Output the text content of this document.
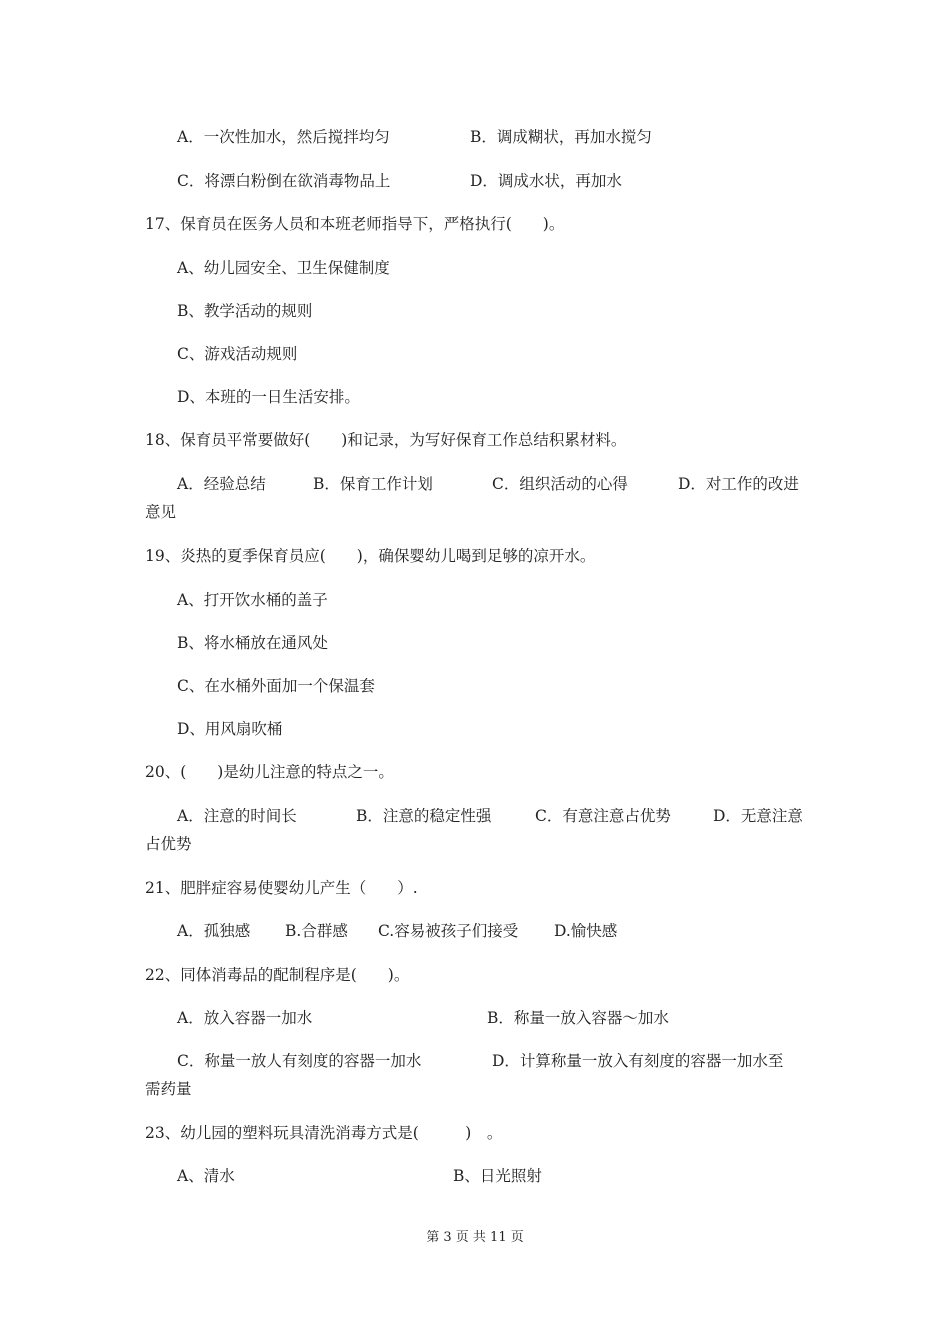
A．一次性加水，然后搅拌均匀	B．调成糊状，再加水搅匀
C．将漂白粉倒在欲消毒物品上	D．调成水状，再加水
17、保育员在医务人员和本班老师指导下，严格执行(　　)。
A、幼儿园安全、卫生保健制度
B、教学活动的规则
C、游戏活动规则
D、本班的一日生活安排。
18、保育员平常要做好(　　)和记录，为写好保育工作总结积累材料。
A．经验总结	B．保育工作计划	C．组织活动的心得	D．对工作的改进
意见
19、炎热的夏季保育员应(　　)，确保婴幼儿喝到足够的凉开水。
A、打开饮水桶的盖子
B、将水桶放在通风处
C、在水桶外面加一个保温套
D、用风扇吹桶
20、(　　)是幼儿注意的特点之一。
A．注意的时间长	B．注意的稳定性强	C．有意注意占优势	D．无意注意
占优势
21、肥胖症容易使婴幼儿产生（　　）.
A．孤独感 B.合群感 C.容易被孩子们接受 D.愉快感
22、同体消毒品的配制程序是(　　)。
A．放入容器一加水	B．称量一放入容器～加水
C．称量一放人有刻度的容器一加水	D．计算称量一放入有刻度的容器一加水至
需药量
23、幼儿园的塑料玩具清洗消毒方式是(　　　)　。
A、清水	B、日光照射
第 3 页 共 11 页
